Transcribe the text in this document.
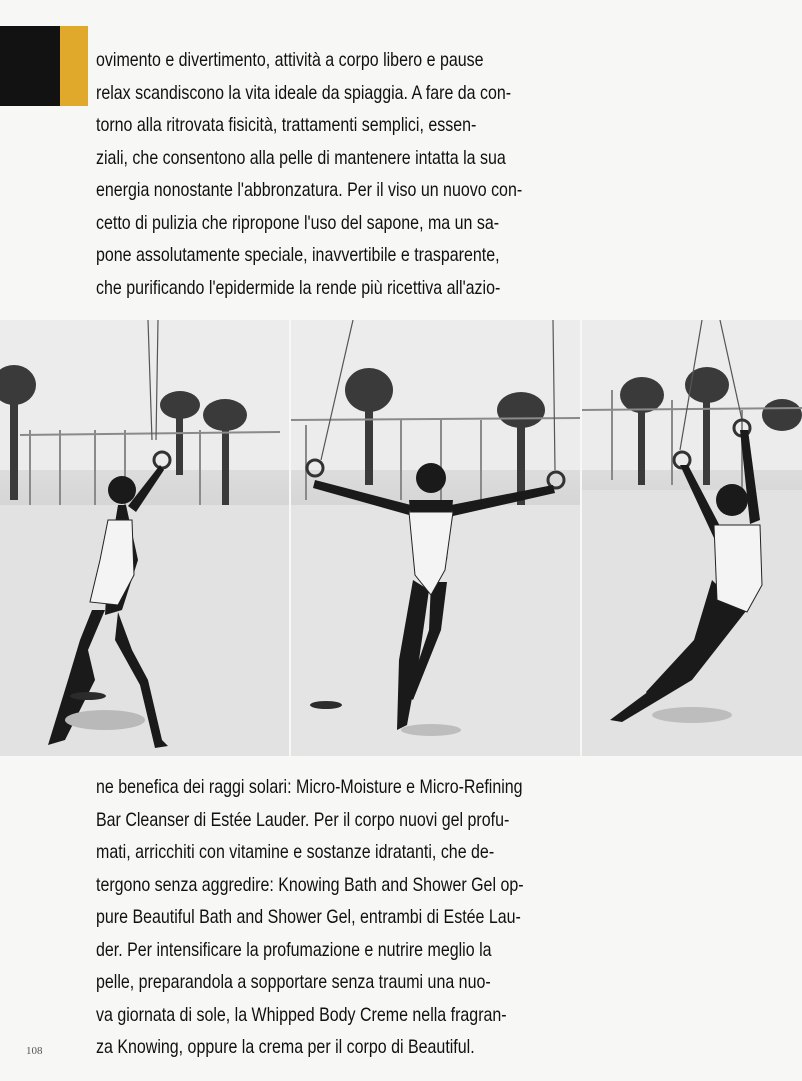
ovimento e divertimento, attività a corpo libero e pause
relax scandiscono la vita ideale da spiaggia. A fare da con-
torno alla ritrovata fisicità, trattamenti semplici, essen-
ziali, che consentono alla pelle di mantenere intatta la sua
energia nonostante l'abbronzatura. Per il viso un nuovo con-
cetto di pulizia che ripropone l'uso del sapone, ma un sa-
pone assolutamente speciale, inavvertibile e trasparente,
che purificando l'epidermide la rende più ricettiva all'azio-
ne benefica dei raggi solari: Micro-Moisture e Micro-Refining
Bar Cleanser di Estée Lauder. Per il corpo nuovi gel profu-
mati, arricchiti con vitamine e sostanze idratanti, che de-
tergono senza aggredire: Knowing Bath and Shower Gel op-
pure Beautiful Bath and Shower Gel, entrambi di Estée Lau-
der. Per intensificare la profumazione e nutrire meglio la
pelle, preparandola a sopportare senza traumi una nuo-
va giornata di sole, la Whipped Body Creme nella fragran-
za Knowing, oppure la crema per il corpo di Beautiful.
108
